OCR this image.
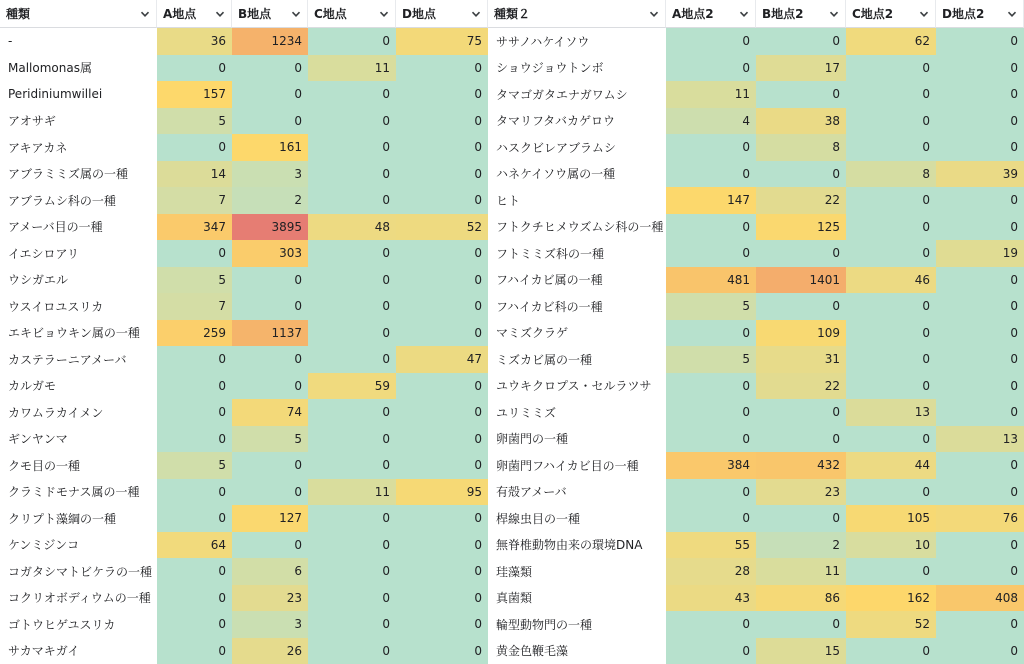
種類	A地点	B地点	C地点	D地点	種類２	A地点2	B地点2	C地点2	D地点2
-	36	1234	0	75	ササノハケイソウ	0	0	62	0
Mallomonas属	0	0	11	0	ショウジョウトンボ	0	17	0	0
Peridiniumwillei	157	0	0	0	タマゴガタエナガワムシ	11	0	0	0
アオサギ	5	0	0	0	タマリフタバカゲロウ	4	38	0	0
アキアカネ	0	161	0	0	ハスクビレアブラムシ	0	8	0	0
アブラミミズ属の一種	14	3	0	0	ハネケイソウ属の一種	0	0	8	39
アブラムシ科の一種	7	2	0	0	ヒト	147	22	0	0
アメーバ目の一種	347	3895	48	52	フトクチヒメウズムシ科の一種	0	125	0	0
イエシロアリ	0	303	0	0	フトミミズ科の一種	0	0	0	19
ウシガエル	5	0	0	0	フハイカビ属の一種	481	1401	46	0
ウスイロユスリカ	7	0	0	0	フハイカビ科の一種	5	0	0	0
エキビョウキン属の一種	259	1137	0	0	マミズクラゲ	0	109	0	0
カステラーニアメーバ	0	0	0	47	ミズカビ属の一種	5	31	0	0
カルガモ	0	0	59	0	ユウキクロプス・セルラツサ	0	22	0	0
カワムラカイメン	0	74	0	0	ユリミミズ	0	0	13	0
ギンヤンマ	0	5	0	0	卵菌門の一種	0	0	0	13
クモ目の一種	5	0	0	0	卵菌門フハイカビ目の一種	384	432	44	0
クラミドモナス属の一種	0	0	11	95	有殻アメーバ	0	23	0	0
クリプト藻綱の一種	0	127	0	0	桿線虫目の一種	0	0	105	76
ケンミジンコ	64	0	0	0	無脊椎動物由来の環境DNA	55	2	10	0
コガタシマトビケラの一種	0	6	0	0	珪藻類	28	11	0	0
コクリオボディウムの一種	0	23	0	0	真菌類	43	86	162	408
ゴトウヒゲユスリカ	0	3	0	0	輪型動物門の一種	0	0	52	0
サカマキガイ	0	26	0	0	黄金色鞭毛藻	0	15	0	0
